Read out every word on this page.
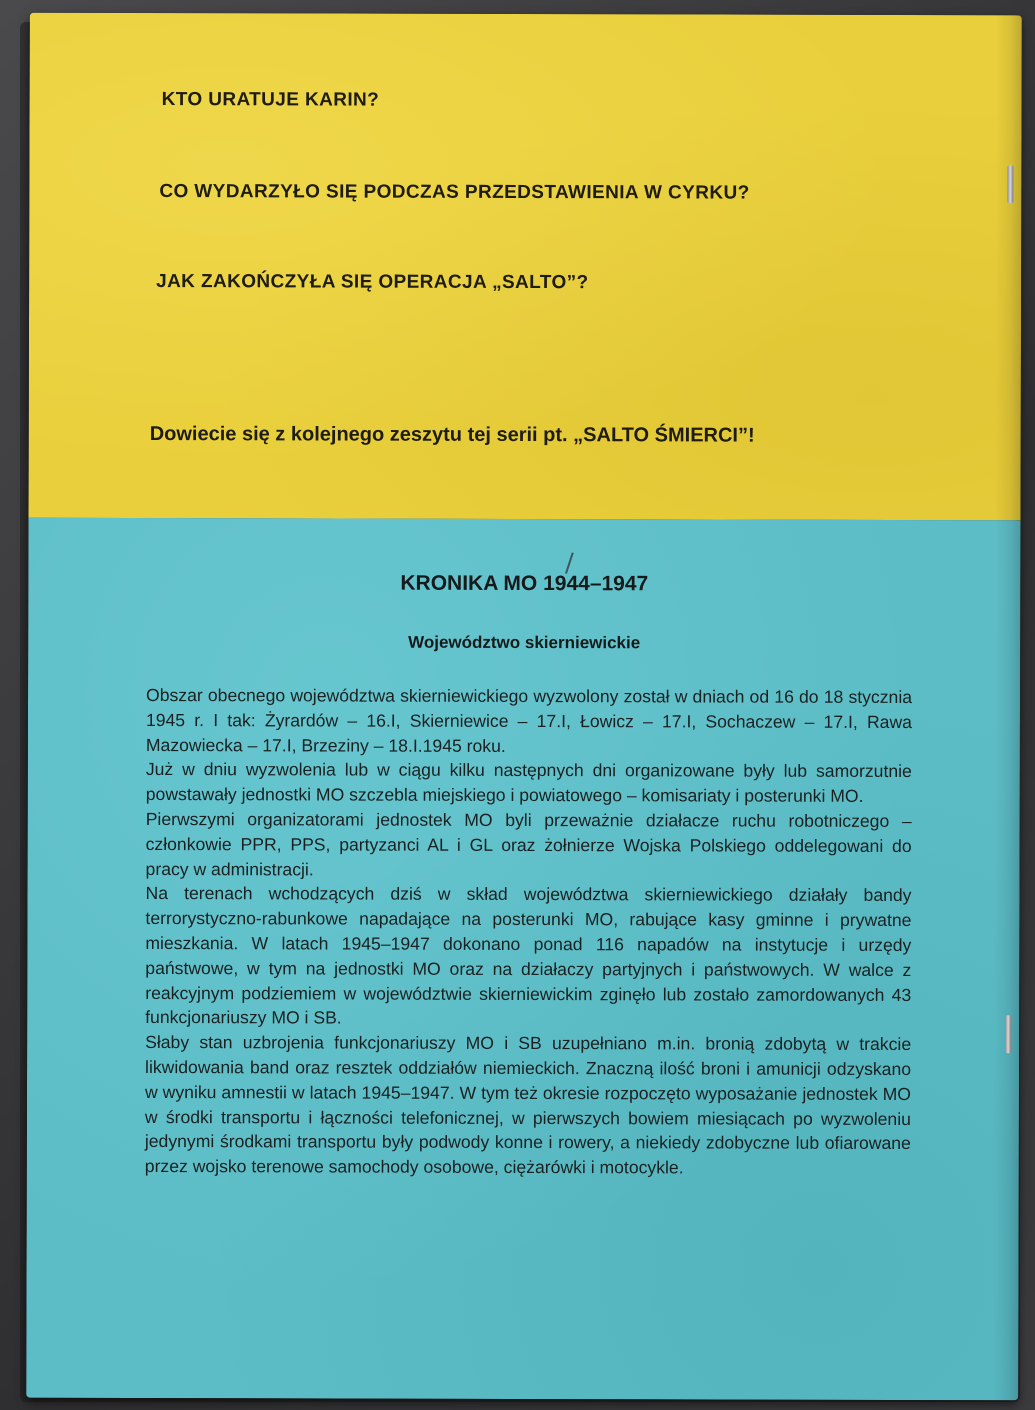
KTO URATUJE KARIN?
CO WYDARZYŁO SIĘ PODCZAS PRZEDSTAWIENIA W CYRKU?
JAK ZAKOŃCZYŁA SIĘ OPERACJA „SALTO”?

Dowiecie się z kolejnego zeszytu tej serii pt. „SALTO ŚMIERCI”!

KRONIKA MO 1944–1947
Województwo skierniewickie

Obszar obecnego województwa skierniewickiego wyzwolony został w dniach od 16 do 18 stycznia 1945 r. I tak: Żyrardów – 16.I, Skierniewice – 17.I, Łowicz – 17.I, Sochaczew – 17.I, Rawa Mazowiecka – 17.I, Brzeziny – 18.I.1945 roku.

Już w dniu wyzwolenia lub w ciągu kilku następnych dni organizowane były lub samorzutnie powstawały jednostki MO szczebla miejskiego i powiatowego – komisariaty i posterunki MO.

Pierwszymi organizatorami jednostek MO byli przeważnie działacze ruchu robotniczego – członkowie PPR, PPS, partyzanci AL i GL oraz żołnierze Wojska Polskiego oddelegowani do pracy w administracji.

Na terenach wchodzących dziś w skład województwa skierniewickiego działały bandy terrorystyczno-rabunkowe napadające na posterunki MO, rabujące kasy gminne i prywatne mieszkania. W latach 1945–1947 dokonano ponad 116 napadów na instytucje i urzędy państwowe, w tym na jednostki MO oraz na działaczy partyjnych i państwowych. W walce z reakcyjnym podziemiem w województwie skierniewickim zginęło lub zostało zamordowanych 43 funkcjonariuszy MO i SB.

Słaby stan uzbrojenia funkcjonariuszy MO i SB uzupełniano m.in. bronią zdobytą w trakcie likwidowania band oraz resztek oddziałów niemieckich. Znaczną ilość broni i amunicji odzyskano w wyniku amnestii w latach 1945–1947. W tym też okresie rozpoczęto wyposażanie jednostek MO w środki transportu i łączności telefonicznej, w pierwszych bowiem miesiącach po wyzwoleniu jedynymi środkami transportu były podwody konne i rowery, a niekiedy zdobyczne lub ofiarowane przez wojsko terenowe samochody osobowe, ciężarówki i motocykle.
